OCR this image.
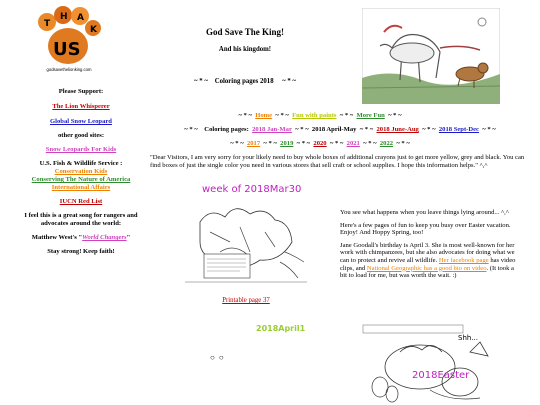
T
H A
K
US
godsavethelionking.com

Please Support:

The Lion Whisperer

Global Snow Leopard

other good sites:

Snow Leopards For Kids

U.S. Fish & Wildlife Service :

Conservation Kids

Conserving The Nature of America

International Affairs

IUCN Red List

I feel this is a great song for rangers and advocates around the world:

Matthew West's "World Changers"

Stay strong! Keep faith!

God Save The King!
And his kingdom!
~ * ~    Coloring pages 2018     ~ * ~
~ * ~ Home ~ * ~ Fun with paints ~ * ~ More Fun ~ * ~
~ * ~    Coloring pages: 2018 Jan-Mar ~ * ~ 2018 April-May ~ * ~ 2018 June-Aug ~ * ~ 2018 Sept-Dec ~ * ~
~ * ~ 2017 ~ * ~ 2019 ~ * ~ 2020 ~ * ~ 2021 ~ * ~ 2022 ~ * ~
"Dear Visitors, I am very sorry for your likely need to buy whole boxes of additional crayons just to get more yellow, grey and black. You can find boxes of just the single color you need in various stores that sell craft or school supplies. I hope this information helps." ^,^
week of 2018Mar30
Printable page 37

You see what happens when you leave things lying around... ^,^

Here's a few pages of fun to keep you busy over Easter vacation. Enjoy! And Hoppy Spring, too!

Jane Goodall's birthday is April 3. She is most well-known for her work with chimpanzees, but she also advocates for doing what we can to protect and revive all wildlife. Her facebook page has video clips, and National Geographic has a good bio on video. (It took a bit to load for me, but was worth the wait. :)

2018April1
○  ○
Shh...
2018Easter
